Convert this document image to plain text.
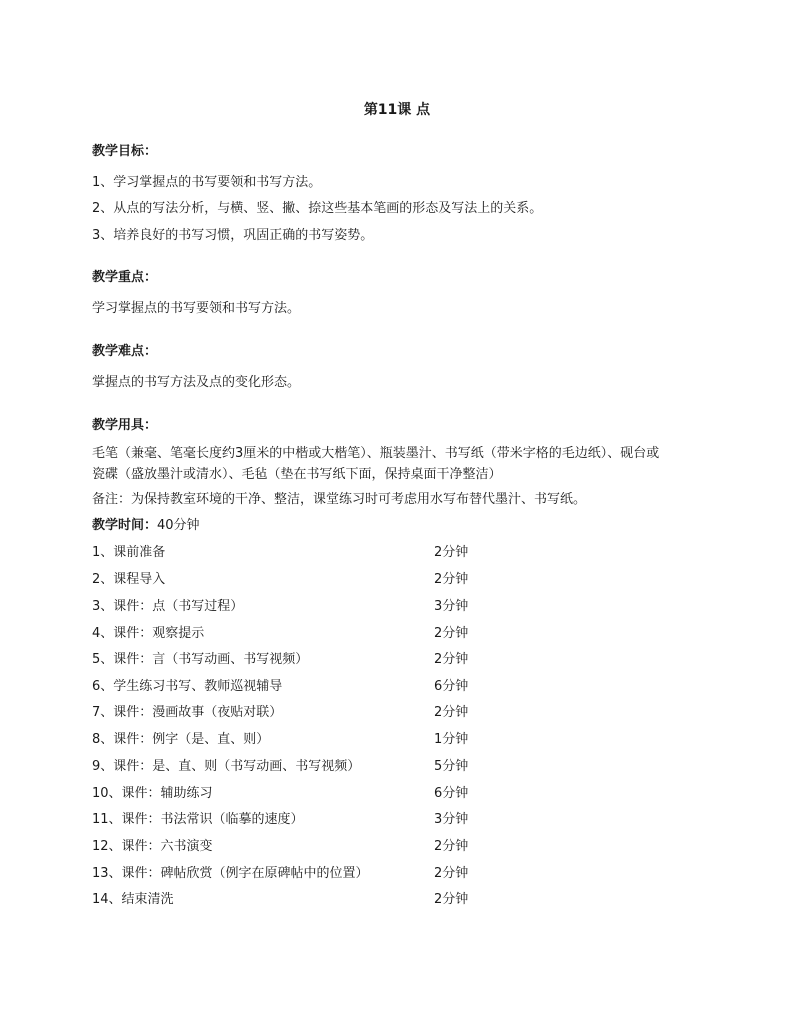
第11课 点
教学目标：
1、学习掌握点的书写要领和书写方法。
2、从点的写法分析，与横、竖、撇、捺这些基本笔画的形态及写法上的关系。
3、培养良好的书写习惯，巩固正确的书写姿势。
教学重点：
学习掌握点的书写要领和书写方法。
教学难点：
掌握点的书写方法及点的变化形态。
教学用具：
毛笔（兼毫、笔毫长度约3厘米的中楷或大楷笔）、瓶装墨汁、书写纸（带米字格的毛边纸）、砚台或
瓷碟（盛放墨汁或清水）、毛毡（垫在书写纸下面，保持桌面干净整洁）
备注：为保持教室环境的干净、整洁，课堂练习时可考虑用水写布替代墨汁、书写纸。
教学时间：40分钟
1、课前准备	2分钟
2、课程导入	2分钟
3、课件：点（书写过程）	3分钟
4、课件：观察提示	2分钟
5、课件：言（书写动画、书写视频）	2分钟
6、学生练习书写、教师巡视辅导	6分钟
7、课件：漫画故事（夜贴对联）	2分钟
8、课件：例字（是、直、则）	1分钟
9、课件：是、直、则（书写动画、书写视频）	5分钟
10、课件：辅助练习	6分钟
11、课件：书法常识（临摹的速度）	3分钟
12、课件：六书演变	2分钟
13、课件：碑帖欣赏（例字在原碑帖中的位置）	2分钟
14、结束清洗	2分钟
